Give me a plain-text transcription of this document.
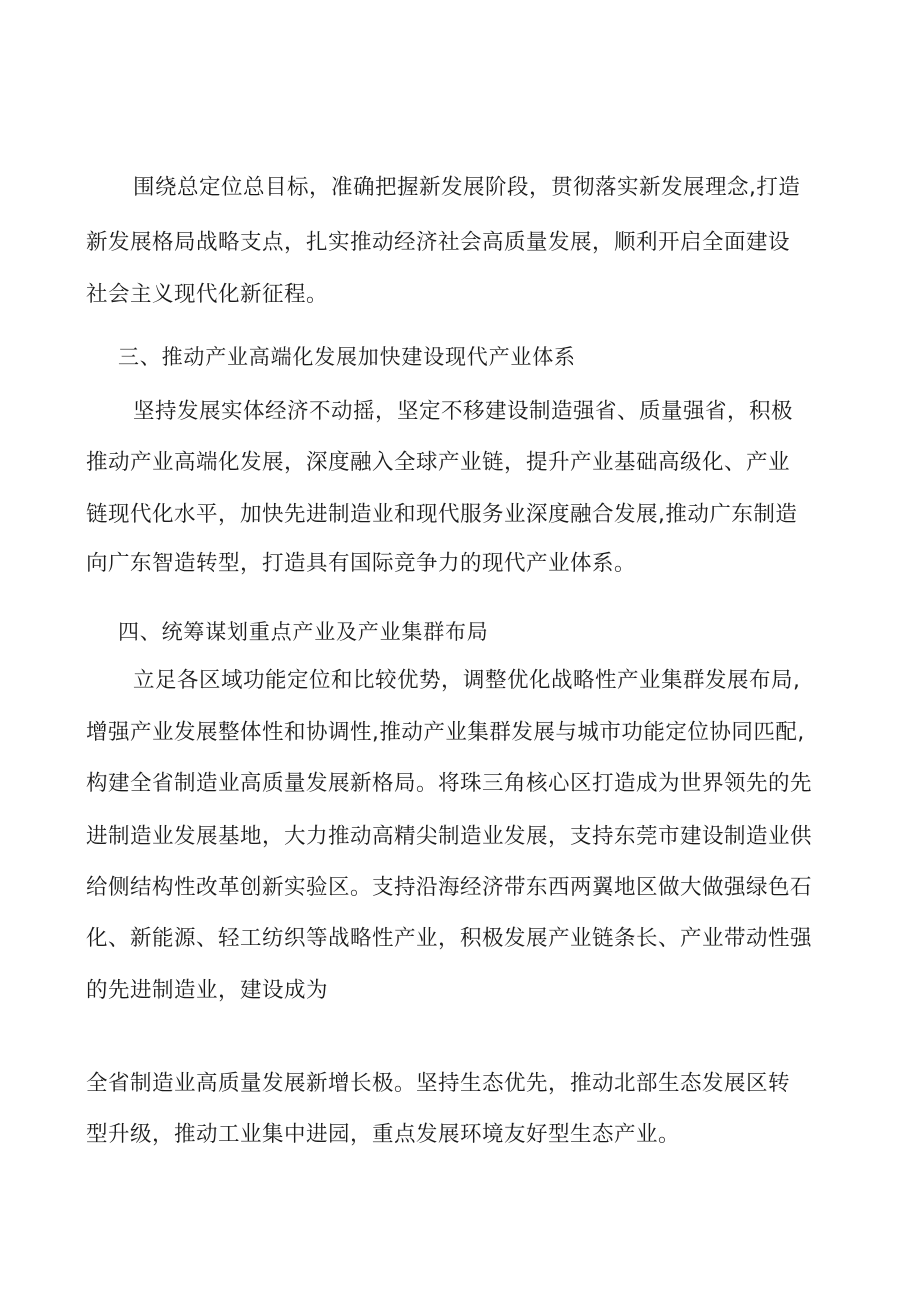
围绕总定位总目标，准确把握新发展阶段，贯彻落实新发展理念,打造
新发展格局战略支点，扎实推动经济社会高质量发展，顺利开启全面建设
社会主义现代化新征程。
三、推动产业高端化发展加快建设现代产业体系
坚持发展实体经济不动摇，坚定不移建设制造强省、质量强省，积极
推动产业高端化发展，深度融入全球产业链，提升产业基础高级化、产业
链现代化水平，加快先进制造业和现代服务业深度融合发展,推动广东制造
向广东智造转型，打造具有国际竞争力的现代产业体系。
四、统筹谋划重点产业及产业集群布局
立足各区域功能定位和比较优势，调整优化战略性产业集群发展布局,
增强产业发展整体性和协调性,推动产业集群发展与城市功能定位协同匹配,
构建全省制造业高质量发展新格局。将珠三角核心区打造成为世界领先的先
进制造业发展基地，大力推动高精尖制造业发展，支持东莞市建设制造业供
给侧结构性改革创新实验区。支持沿海经济带东西两翼地区做大做强绿色石
化、新能源、轻工纺织等战略性产业，积极发展产业链条长、产业带动性强
的先进制造业，建设成为
全省制造业高质量发展新增长极。坚持生态优先，推动北部生态发展区转
型升级，推动工业集中进园，重点发展环境友好型生态产业。
